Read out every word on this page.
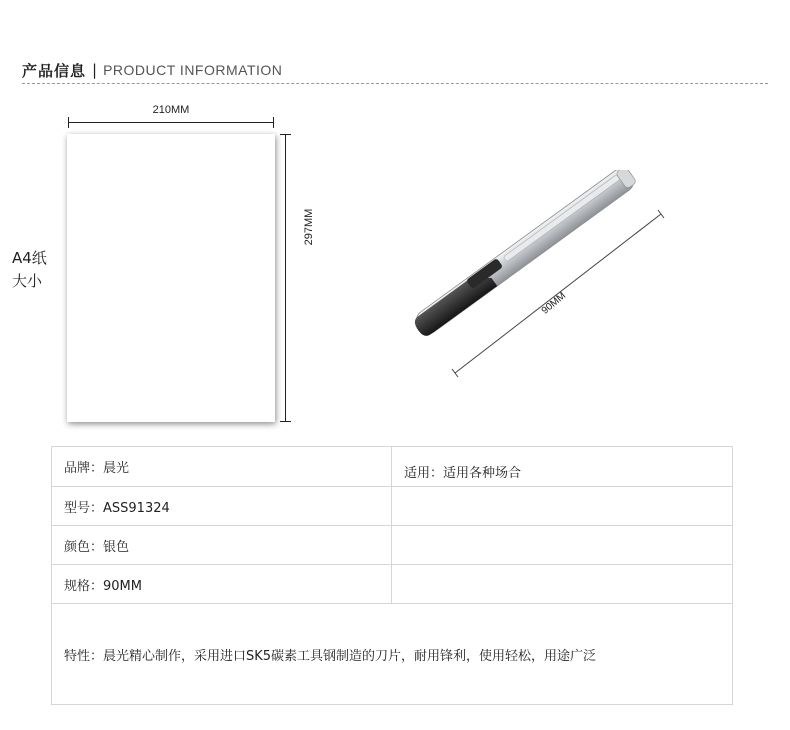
产品信息 | PRODUCT INFORMATION
210MM
297MM
A4纸
大小
90MM
品牌：晨光	适用：适用各种场合
型号：ASS91324	
颜色：银色	
规格：90MM	
特性：晨光精心制作，采用进口SK5碳素工具钢制造的刀片，耐用锋利，使用轻松，用途广泛	
